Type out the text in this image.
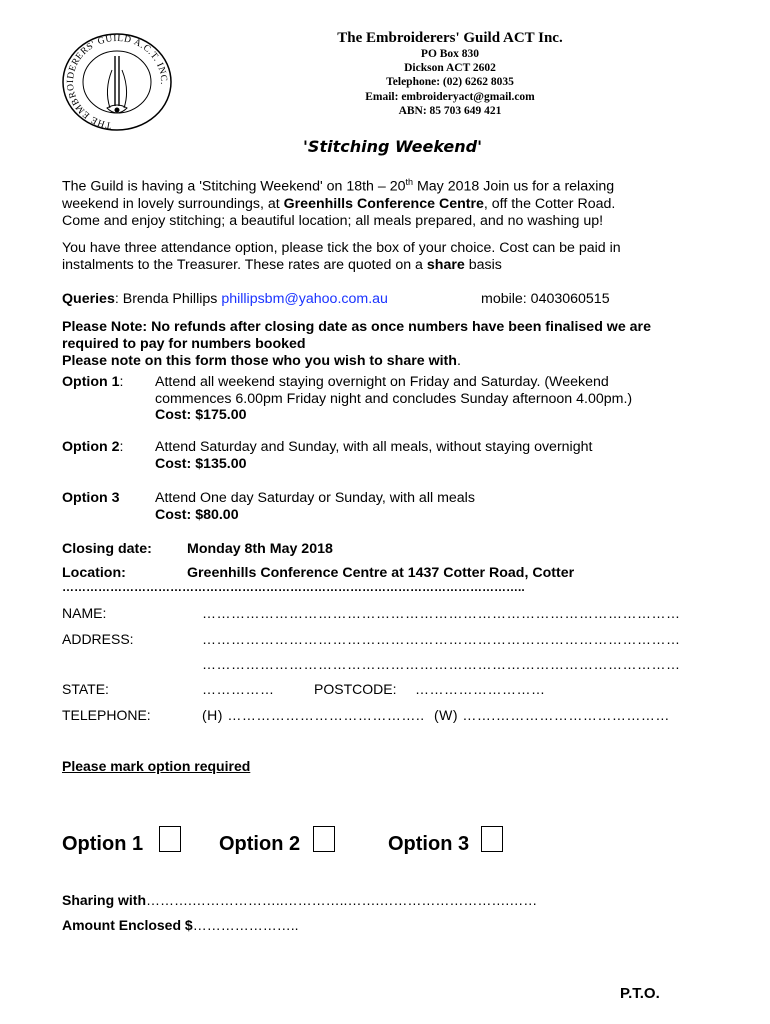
THE EMBROIDERERS' GUILD A.C.T. INC.
The Embroiderers' Guild ACT Inc.
PO Box 830
Dickson ACT 2602
Telephone: (02) 6262 8035
Email: embroideryact@gmail.com
ABN: 85 703 649 421
'Stitching Weekend'
The Guild is having a 'Stitching Weekend' on 18th – 20th May 2018 Join us for a relaxing
weekend in lovely surroundings, at Greenhills Conference Centre, off the Cotter Road.
Come and enjoy stitching; a beautiful location; all meals prepared, and no washing up!
You have three attendance option, please tick the box of your choice. Cost can be paid in
instalments to the Treasurer. These rates are quoted on a share basis
Queries: Brenda Phillips phillipsbm@yahoo.com.au	mobile: 0403060515
Please Note: No refunds after closing date as once numbers have been finalised we are
required to pay for numbers booked
Please note on this form those who you wish to share with.
Option 1: Attend all weekend staying overnight on Friday and Saturday. (Weekend
commences 6.00pm Friday night and concludes Sunday afternoon 4.00pm.)
Cost: $175.00
Option 2: Attend Saturday and Sunday, with all meals, without staying overnight
Cost: $135.00
Option 3 Attend One day Saturday or Sunday, with all meals
Cost: $80.00
Closing date: Monday 8th May 2018
Location:	Greenhills Conference Centre at 1437 Cotter Road, Cotter
……………………………………………………………………………………………………..
NAME:	………………………………………………………………………………………
ADDRESS:	………………………………………………………………………………………
………………………………………………………………………………………
STATE:	……………	POSTCODE: ………………………
TELEPHONE:	(H) ………………………………….. (W) …….………………………………
Please mark option required
Option 1	Option 2	Option 3
Sharing with……….………………..…………..…….……………………….……
Amount Enclosed $…………………..
P.T.O.
